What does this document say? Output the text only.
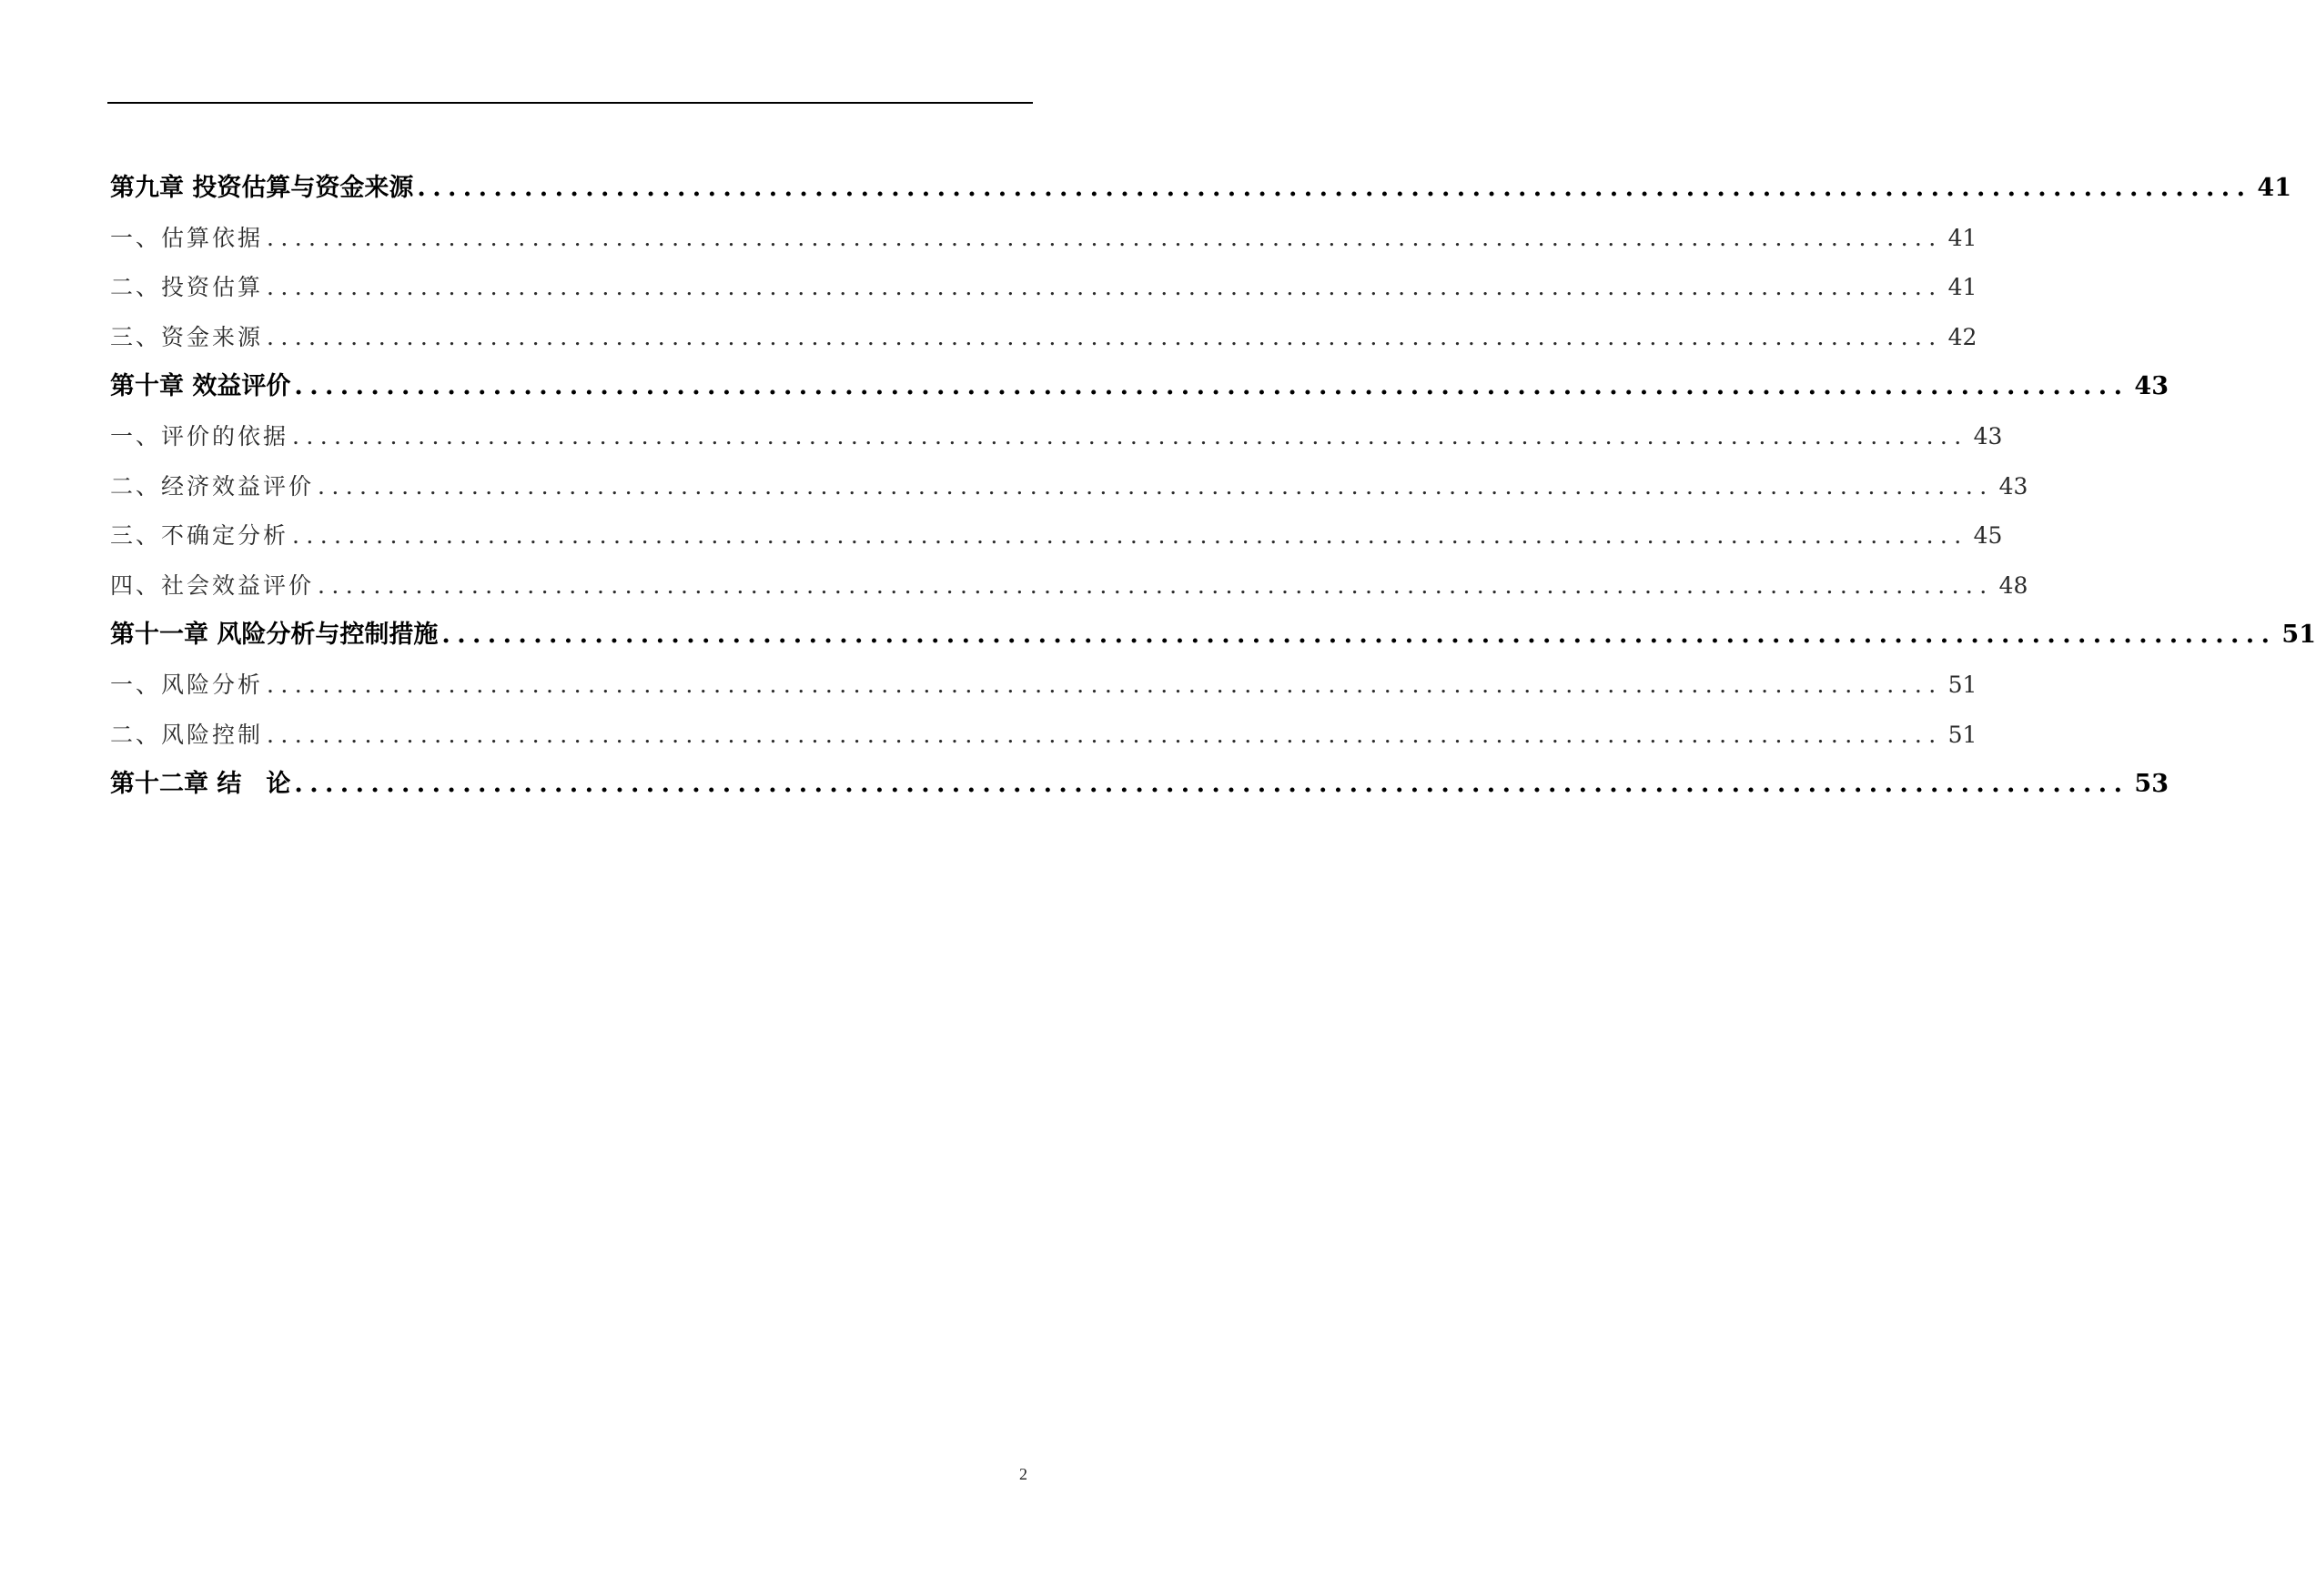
第九章 投资估算与资金来源 ........................................................................................................................ 41
一、估算依据 ........................................................................................................................ 41
二、投资估算 ........................................................................................................................ 41
三、资金来源 ........................................................................................................................ 42
第十章 效益评价 ........................................................................................................................ 43
一、评价的依据 ........................................................................................................................ 43
二、经济效益评价 ........................................................................................................................ 43
三、不确定分析 ........................................................................................................................ 45
四、社会效益评价 ........................................................................................................................ 48
第十一章 风险分析与控制措施 ........................................................................................................................ 51
一、风险分析 ........................................................................................................................ 51
二、风险控制 ........................................................................................................................ 51
第十二章 结　论 ........................................................................................................................ 53
2
